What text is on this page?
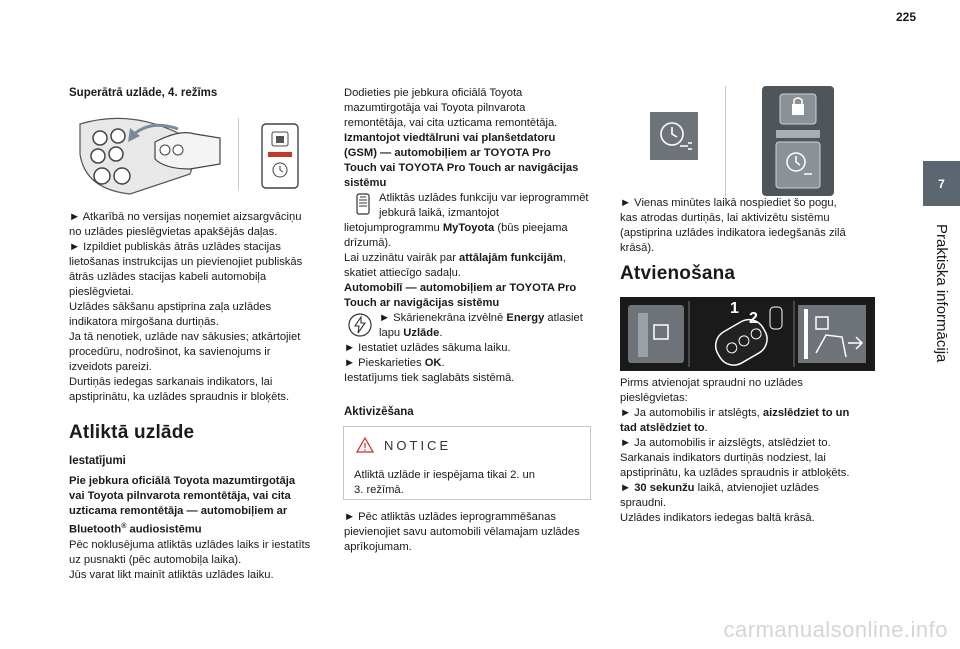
225
7
Praktiska informācija

Superātrā uzlāde, 4. režīms

► Atkarībā no versijas noņemiet aizsargvāciņu

no uzlādes pieslēgvietas apakšējās daļas.

► Izpildiet publiskās ātrās uzlādes stacijas

lietošanas instrukcijas un pievienojiet publiskās

ātrās uzlādes stacijas kabeli automobiļa

pieslēgvietai.

Uzlādes sākšanu apstiprina zaļa uzlādes

indikatora mirgošana durtiņās.

Ja tā nenotiek, uzlāde nav sākusies; atkārtojiet

procedūru, nodrošinot, ka savienojums ir

izveidots pareizi.

Durtiņās iedegas sarkanais indikators, lai

apstiprinātu, ka uzlādes spraudnis ir bloķēts.

Atliktā uzlāde

Iestatījumi

Pie jebkura oficiālā Toyota mazumtirgotāja

vai Toyota pilnvarota remontētāja, vai cita

uzticama remontētāja — automobiļiem ar

Bluetooth® audiosistēmu

Pēc noklusējuma atliktās uzlādes laiks ir iestatīts

uz pusnakti (pēc automobiļa laika).

Jūs varat likt mainīt atliktās uzlādes laiku.

Dodieties pie jebkura oficiālā Toyota

mazumtirgotāja vai Toyota pilnvarota

remontētāja, vai cita uzticama remontētāja.

Izmantojot viedtālruni vai planšetdatoru

(GSM) — automobiļiem ar TOYOTA Pro

Touch vai TOYOTA Pro Touch ar navigācijas

sistēmu

Atliktās uzlādes funkciju var ieprogrammēt

jebkurā laikā, izmantojot

lietojumprogrammu MyToyota (būs pieejama

drīzumā).

Lai uzzinātu vairāk par attālajām funkcijām,

skatiet attiecīgo sadaļu.

Automobilī — automobiļiem ar TOYOTA Pro

Touch ar navigācijas sistēmu

► Skārienekrāna izvēlnē Energy atlasiet

lapu Uzlāde.

► Iestatiet uzlādes sākuma laiku.

► Pieskarieties OK.

Iestatījums tiek saglabāts sistēmā.

Aktivizēšana

NOTICE

Atliktā uzlāde ir iespējama tikai 2. un

3. režīmā.

► Pēc atliktās uzlādes ieprogrammēšanas

pievienojiet savu automobili vēlamajam uzlādes

aprīkojumam.

► Vienas minūtes laikā nospiediet šo pogu,

kas atrodas durtiņās, lai aktivizētu sistēmu

(apstiprina uzlādes indikatora iedegšanās zilā

krāsā).

Atvienošana

1
2

Pirms atvienojat spraudni no uzlādes

pieslēgvietas:

► Ja automobilis ir atslēgts, aizslēdziet to un

tad atslēdziet to.

► Ja automobilis ir aizslēgts, atslēdziet to.

Sarkanais indikators durtiņās nodziest, lai

apstiprinātu, ka uzlādes spraudnis ir atbloķēts.

► 30 sekunžu laikā, atvienojiet uzlādes

spraudni.

Uzlādes indikators iedegas baltā krāsā.

carmanualsonline.info
